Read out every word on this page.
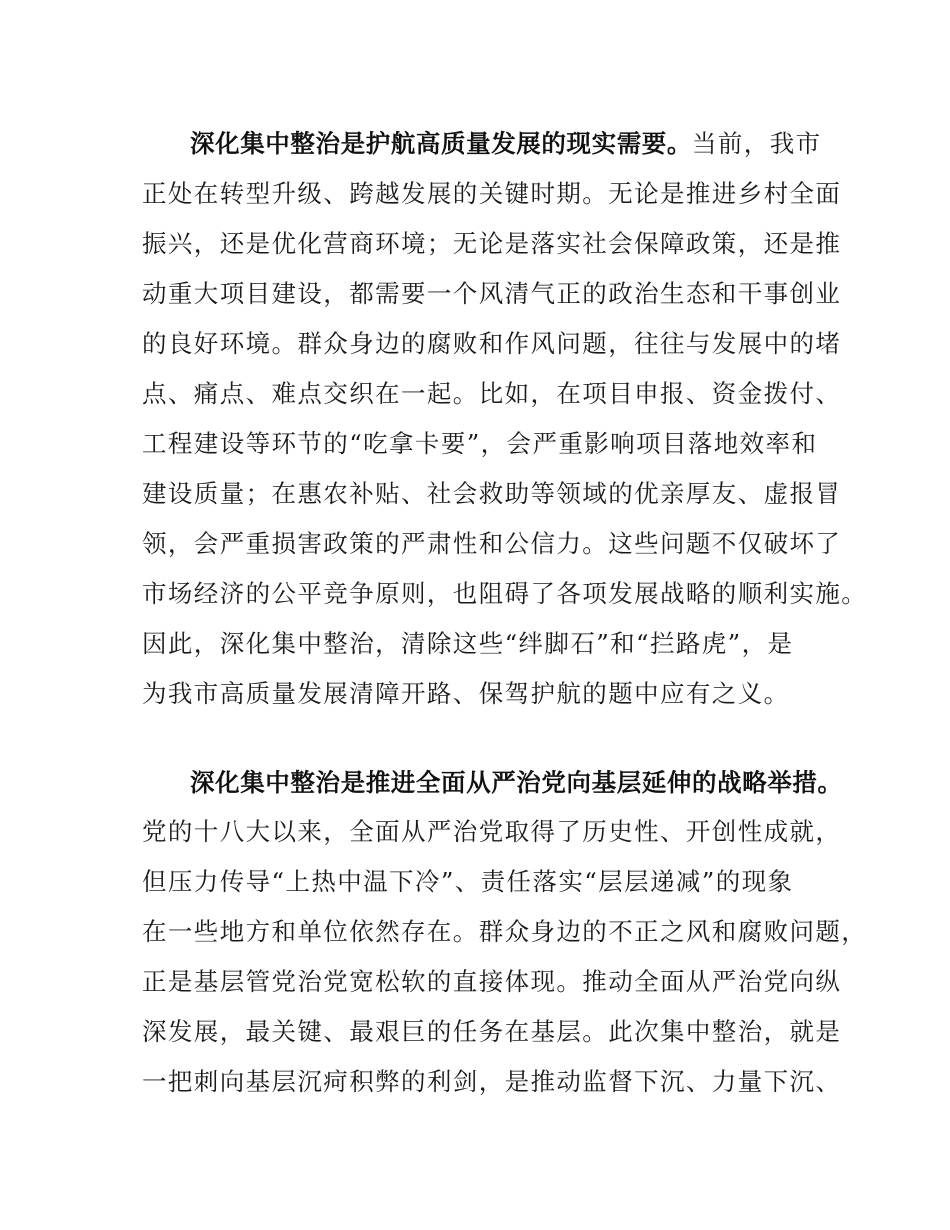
深化集中整治是护航高质量发展的现实需要。当前，我市
正处在转型升级、跨越发展的关键时期。无论是推进乡村全面
振兴，还是优化营商环境；无论是落实社会保障政策，还是推
动重大项目建设，都需要一个风清气正的政治生态和干事创业
的良好环境。群众身边的腐败和作风问题，往往与发展中的堵
点、痛点、难点交织在一起。比如，在项目申报、资金拨付、
工程建设等环节的“吃拿卡要”，会严重影响项目落地效率和
建设质量；在惠农补贴、社会救助等领域的优亲厚友、虚报冒
领，会严重损害政策的严肃性和公信力。这些问题不仅破坏了
市场经济的公平竞争原则，也阻碍了各项发展战略的顺利实施。
因此，深化集中整治，清除这些“绊脚石”和“拦路虎”，是
为我市高质量发展清障开路、保驾护航的题中应有之义。
深化集中整治是推进全面从严治党向基层延伸的战略举措。
党的十八大以来，全面从严治党取得了历史性、开创性成就，
但压力传导“上热中温下冷”、责任落实“层层递减”的现象
在一些地方和单位依然存在。群众身边的不正之风和腐败问题，
正是基层管党治党宽松软的直接体现。推动全面从严治党向纵
深发展，最关键、最艰巨的任务在基层。此次集中整治，就是
一把刺向基层沉疴积弊的利剑，是推动监督下沉、力量下沉、
